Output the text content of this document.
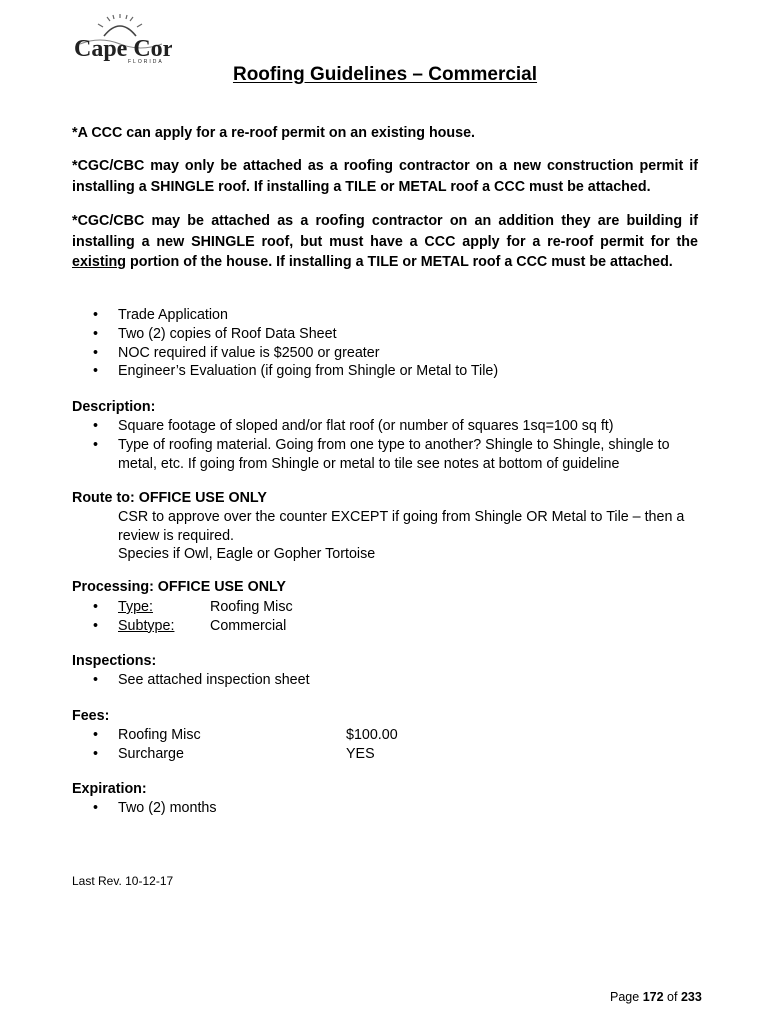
Cape Cor
FLORIDA
Roofing Guidelines – Commercial

*A CCC can apply for a re-roof permit on an existing house.

*CGC/CBC may only be attached as a roofing contractor on a new construction permit if installing a SHINGLE roof. If installing a TILE or METAL roof a CCC must be attached.

*CGC/CBC may be attached as a roofing contractor on an addition they are building if installing a new SHINGLE roof, but must have a CCC apply for a re-roof permit for the existing portion of the house. If installing a TILE or METAL roof a CCC must be attached.

• Trade Application
• Two (2) copies of Roof Data Sheet
• NOC required if value is $2500 or greater
• Engineer’s Evaluation (if going from Shingle or Metal to Tile)
Description:
• Square footage of sloped and/or flat roof (or number of squares 1sq=100 sq ft)
• Type of roofing material. Going from one type to another? Shingle to Shingle, shingle to metal, etc. If going from Shingle or metal to tile see notes at bottom of guideline
Route to: OFFICE USE ONLY
CSR to approve over the counter EXCEPT if going from Shingle OR Metal to Tile – then a review is required.
Species if Owl, Eagle or Gopher Tortoise
Processing: OFFICE USE ONLY
• Type:	Roofing Misc
• Subtype: Commercial
Inspections:
• See attached inspection sheet
Fees:
• Roofing Misc	$100.00
• Surcharge	YES
Expiration:
• Two (2) months
Last Rev. 10-12-17
Page 172 of 233
